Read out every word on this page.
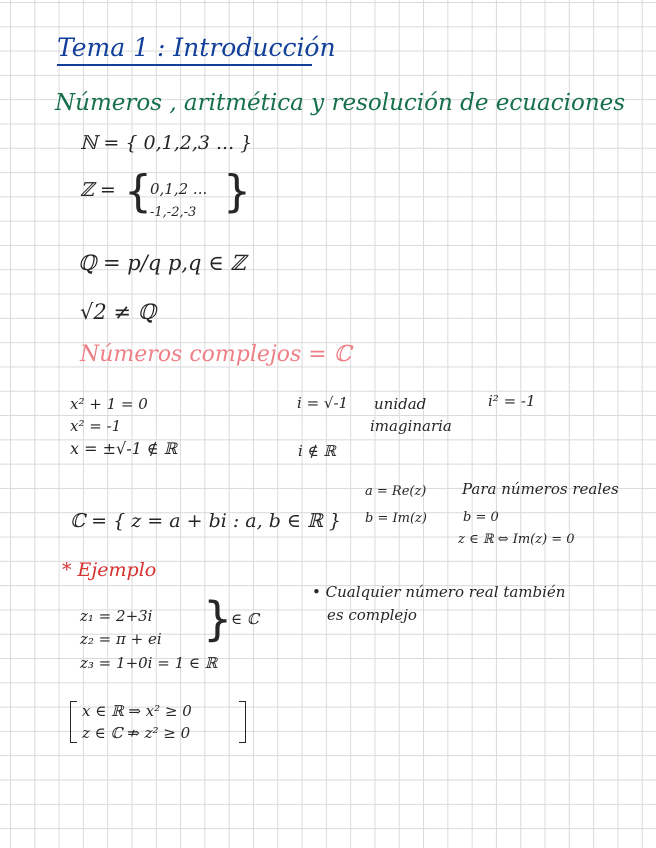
Tema 1 : Introducción
Números , aritmética y resolución de ecuaciones
ℕ = { 0,1,2,3 ... }
ℤ = {
0,1,2 ...
-1,-2,-3 }
ℚ = p/q p,q ∈ ℤ
√2 ≠ ℚ
Números complejos = ℂ
x² + 1 = 0
x² = -1
x = ±√-1 ∉ ℝ
i = √-1 unidad
imaginaria
i² = -1
i ∉ ℝ
a = Re(z)
b = Im(z)
Para números reales
b = 0
z ∈ ℝ ⇔ Im(z) = 0
ℂ = { z = a + bi : a, b ∈ ℝ }
* Ejemplo
z₁ = 2+3i
z₂ = π + ei }
∈ ℂ
z₃ = 1+0i = 1 ∈ ℝ
• Cualquier número real también
es complejo
x ∈ ℝ ⇒ x² ≥ 0
z ∈ ℂ ⇏ z² ≥ 0
